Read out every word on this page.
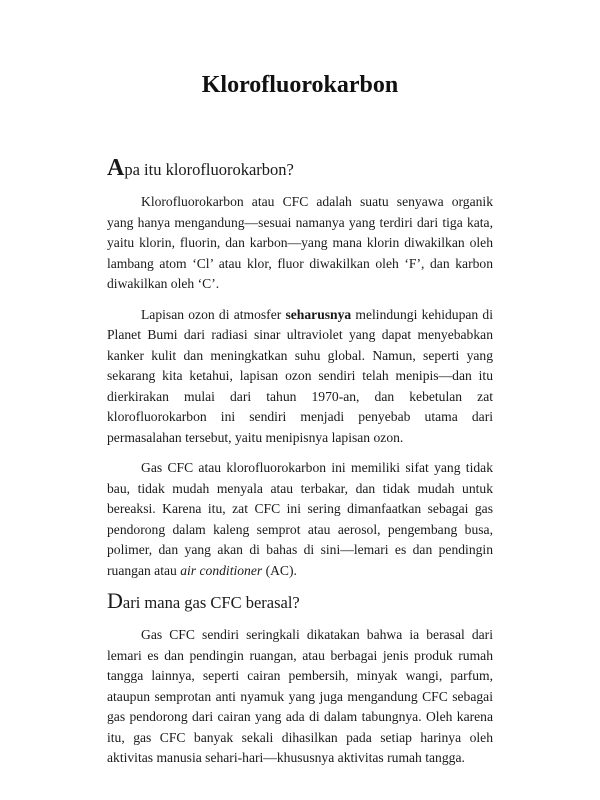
Klorofluorokarbon
Apa itu klorofluorokarbon?

Klorofluorokarbon atau CFC adalah suatu senyawa organik yang hanya mengandung—sesuai namanya yang terdiri dari tiga kata, yaitu klorin, fluorin, dan karbon—yang mana klorin diwakilkan oleh lambang atom ‘Cl’ atau klor, fluor diwakilkan oleh ‘F’, dan karbon diwakilkan oleh ‘C’.

Lapisan ozon di atmosfer seharusnya melindungi kehidupan di Planet Bumi dari radiasi sinar ultraviolet yang dapat menyebabkan kanker kulit dan meningkatkan suhu global. Namun, seperti yang sekarang kita ketahui, lapisan ozon sendiri telah menipis—dan itu dierkirakan mulai dari tahun 1970-an, dan kebetulan zat klorofluorokarbon ini sendiri menjadi penyebab utama dari permasalahan tersebut, yaitu menipisnya lapisan ozon.

Gas CFC atau klorofluorokarbon ini memiliki sifat yang tidak bau, tidak mudah menyala atau terbakar, dan tidak mudah untuk bereaksi. Karena itu, zat CFC ini sering dimanfaatkan sebagai gas pendorong dalam kaleng semprot atau aerosol, pengembang busa, polimer, dan yang akan di bahas di sini—lemari es dan pendingin ruangan atau air conditioner (AC).

Dari mana gas CFC berasal?

Gas CFC sendiri seringkali dikatakan bahwa ia berasal dari lemari es dan pendingin ruangan, atau berbagai jenis produk rumah tangga lainnya, seperti cairan pembersih, minyak wangi, parfum, ataupun semprotan anti nyamuk yang juga mengandung CFC sebagai gas pendorong dari cairan yang ada di dalam tabungnya. Oleh karena itu, gas CFC banyak sekali dihasilkan pada setiap harinya oleh aktivitas manusia sehari-hari—khususnya aktivitas rumah tangga.
